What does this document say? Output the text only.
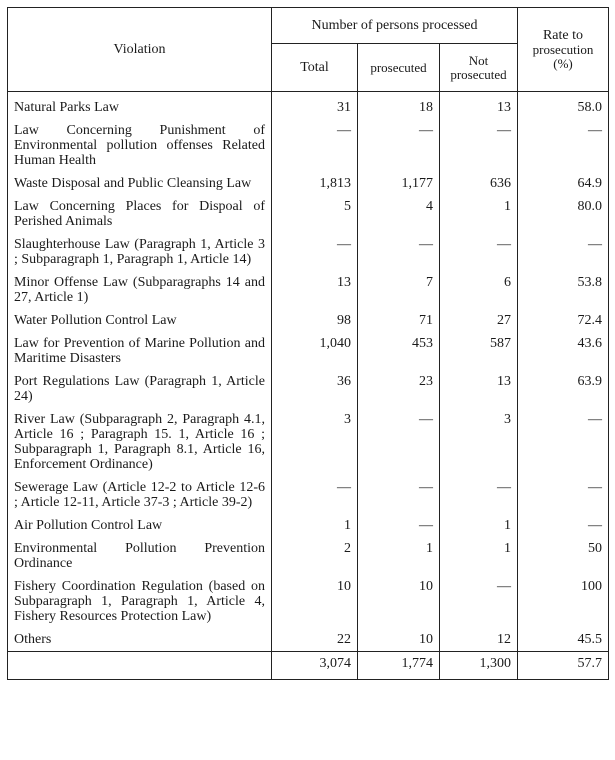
Violation	Number of persons processed			Rate to
prosecution
(%)

	Total	prosecuted	Not
prosecuted	

Natural Parks Law	31	18	13	58.0
Law Concerning Punishment of Environmental pollution offenses Related Human Health	—	—	—	—
Waste Disposal and Public Cleansing Law	1,813	1,177	636	64.9
Law Concerning Places for Dispoal of Perished Animals	5	4	1	80.0
Slaughterhouse Law (Paragraph 1, Article 3 ; Subparagraph 1, Paragraph 1, Article 14)	—	—	—	—
Minor Offense Law (Subparagraphs 14 and 27, Article 1)	13	7	6	53.8
Water Pollution Control Law	98	71	27	72.4
Law for Prevention of Marine Pollution and Maritime Disasters	1,040	453	587	43.6
Port Regulations Law (Paragraph 1, Article 24)	36	23	13	63.9
River Law (Subparagraph 2, Paragraph 4.1, Article 16 ; Paragraph 15. 1, Article 16 ; Subparagraph 1, Paragraph 8.1, Article 16, Enforcement Ordinance)	3	—	3	—
Sewerage Law (Article 12-2 to Article 12-6 ; Article 12-11, Article 37-3 ; Article 39-2)	—	—	—	—
Air Pollution Control Law	1	—	1	—
Environmental Pollution Prevention Ordinance	2	1	1	50
Fishery Coordination Regulation (based on Subparagraph 1, Paragraph 1, Article 4, Fishery Resources Protection Law)	10	10	—	100
Others	22	10	12	45.5
	3,074	1,774	1,300	57.7
